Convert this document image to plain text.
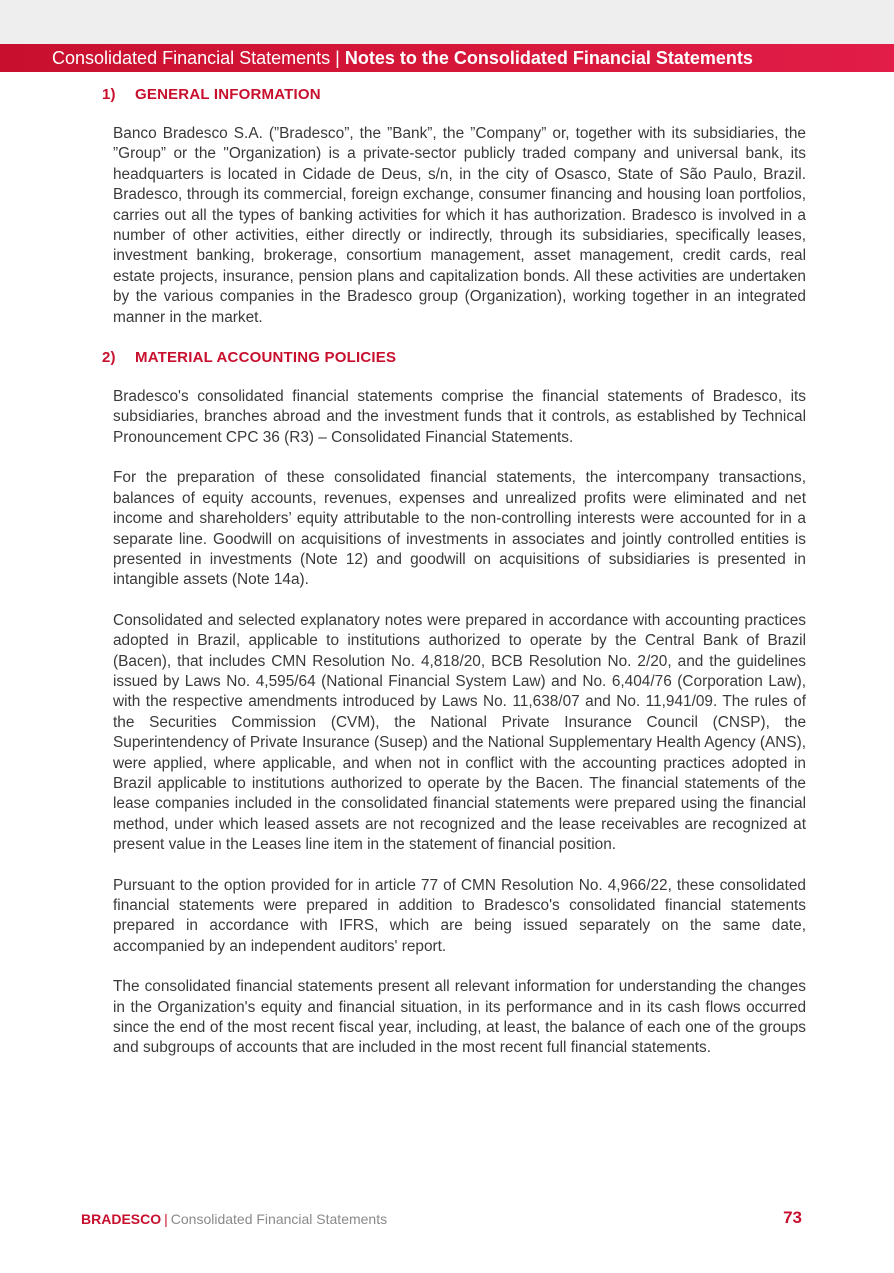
Consolidated Financial Statements | Notes to the Consolidated Financial Statements
1)	GENERAL INFORMATION

Banco Bradesco S.A. (”Bradesco”, the ”Bank”, the ”Company” or, together with its subsidiaries, the ”Group” or the "Organization) is a private-sector publicly traded company and universal bank, its headquarters is located in Cidade de Deus, s/n, in the city of Osasco, State of São Paulo, Brazil. Bradesco, through its commercial, foreign exchange, consumer financing and housing loan portfolios, carries out all the types of banking activities for which it has authorization. Bradesco is involved in a number of other activities, either directly or indirectly, through its subsidiaries, specifically leases, investment banking, brokerage, consortium management, asset management, credit cards, real estate projects, insurance, pension plans and capitalization bonds. All these activities are undertaken by the various companies in the Bradesco group (Organization), working together in an integrated manner in the market.

2)	MATERIAL ACCOUNTING POLICIES

Bradesco's consolidated financial statements comprise the financial statements of Bradesco, its subsidiaries, branches abroad and the investment funds that it controls, as established by Technical Pronouncement CPC 36 (R3) – Consolidated Financial Statements.

For the preparation of these consolidated financial statements, the intercompany transactions, balances of equity accounts, revenues, expenses and unrealized profits were eliminated and net income and shareholders’ equity attributable to the non-controlling interests were accounted for in a separate line. Goodwill on acquisitions of investments in associates and jointly controlled entities is presented in investments (Note 12) and goodwill on acquisitions of subsidiaries is presented in intangible assets (Note 14a).

Consolidated and selected explanatory notes were prepared in accordance with accounting practices adopted in Brazil, applicable to institutions authorized to operate by the Central Bank of Brazil (Bacen), that includes CMN Resolution No. 4,818/20, BCB Resolution No. 2/20, and the guidelines issued by Laws No. 4,595/64 (National Financial System Law) and No. 6,404/76 (Corporation Law), with the respective amendments introduced by Laws No. 11,638/07 and No. 11,941/09. The rules of the Securities Commission (CVM), the National Private Insurance Council (CNSP), the Superintendency of Private Insurance (Susep) and the National Supplementary Health Agency (ANS), were applied, where applicable, and when not in conflict with the accounting practices adopted in Brazil applicable to institutions authorized to operate by the Bacen. The financial statements of the lease companies included in the consolidated financial statements were prepared using the financial method, under which leased assets are not recognized and the lease receivables are recognized at present value in the Leases line item in the statement of financial position.

Pursuant to the option provided for in article 77 of CMN Resolution No. 4,966/22, these consolidated financial statements were prepared in addition to Bradesco's consolidated financial statements prepared in accordance with IFRS, which are being issued separately on the same date, accompanied by an independent auditors' report.

The consolidated financial statements present all relevant information for understanding the changes in the Organization's equity and financial situation, in its performance and in its cash flows occurred since the end of the most recent fiscal year, including, at least, the balance of each one of the groups and subgroups of accounts that are included in the most recent full financial statements.

BRADESCO | Consolidated Financial Statements	73
